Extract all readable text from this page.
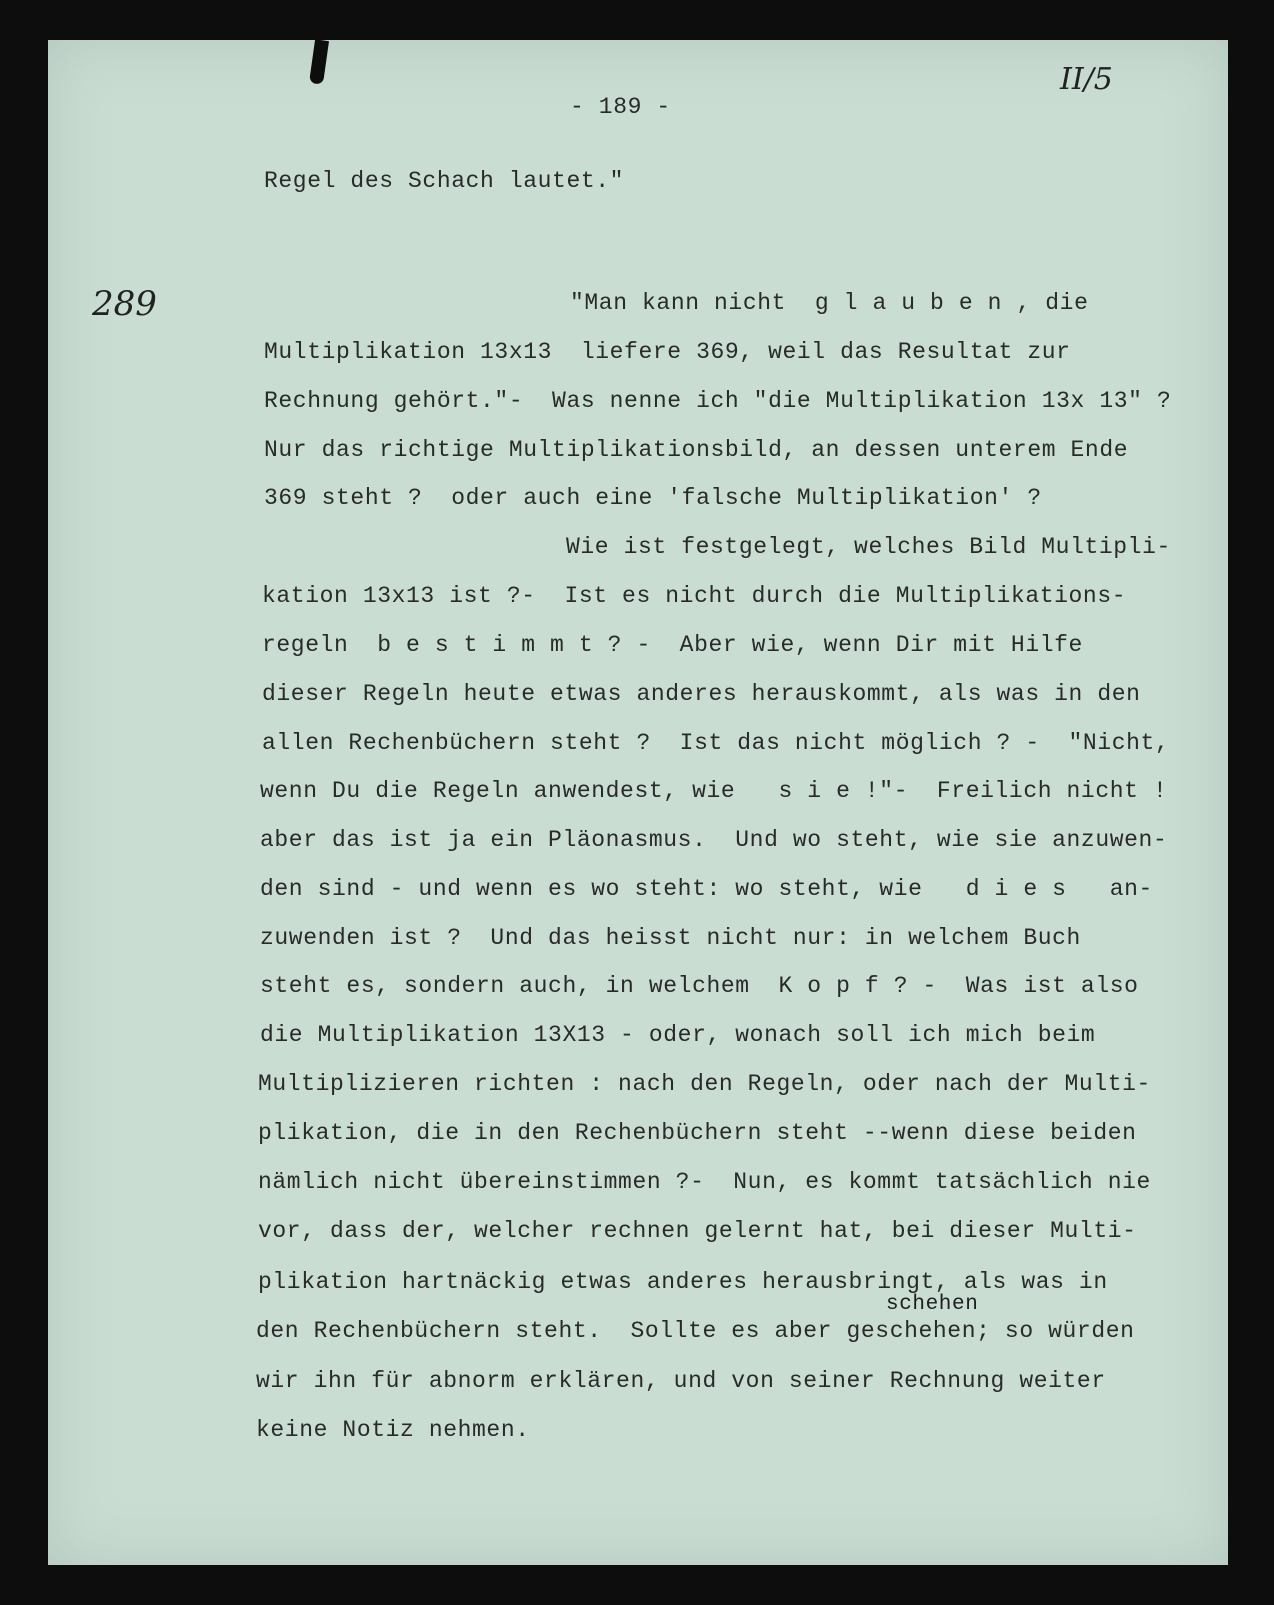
- 189 -
II/5
289
Regel des Schach lautet."
"Man kann nicht  g l a u b e n , die
Multiplikation 13x13  liefere 369, weil das Resultat zur
Rechnung gehört."-  Was nenne ich "die Multiplikation 13x 13" ?
Nur das richtige Multiplikationsbild, an dessen unterem Ende
369 steht ?  oder auch eine 'falsche Multiplikation' ?
Wie ist festgelegt, welches Bild Multipli-
kation 13x13 ist ?-  Ist es nicht durch die Multiplikations-
regeln  b e s t i m m t ? -  Aber wie, wenn Dir mit Hilfe
dieser Regeln heute etwas anderes herauskommt, als was in den
allen Rechenbüchern steht ?  Ist das nicht möglich ? -  "Nicht,
wenn Du die Regeln anwendest, wie   s i e !"-  Freilich nicht !
aber das ist ja ein Pläonasmus.  Und wo steht, wie sie anzuwen-
den sind - und wenn es wo steht: wo steht, wie   d i e s   an-
zuwenden ist ?  Und das heisst nicht nur: in welchem Buch
steht es, sondern auch, in welchem  K o p f ? -  Was ist also
die Multiplikation 13X13 - oder, wonach soll ich mich beim
Multiplizieren richten : nach den Regeln, oder nach der Multi-
plikation, die in den Rechenbüchern steht --wenn diese beiden
nämlich nicht übereinstimmen ?-  Nun, es kommt tatsächlich nie
vor, dass der, welcher rechnen gelernt hat, bei dieser Multi-
plikation hartnäckig etwas anderes herausbringt, als was in
schehen
den Rechenbüchern steht.  Sollte es aber geschehen; so würden
wir ihn für abnorm erklären, und von seiner Rechnung weiter
keine Notiz nehmen.
